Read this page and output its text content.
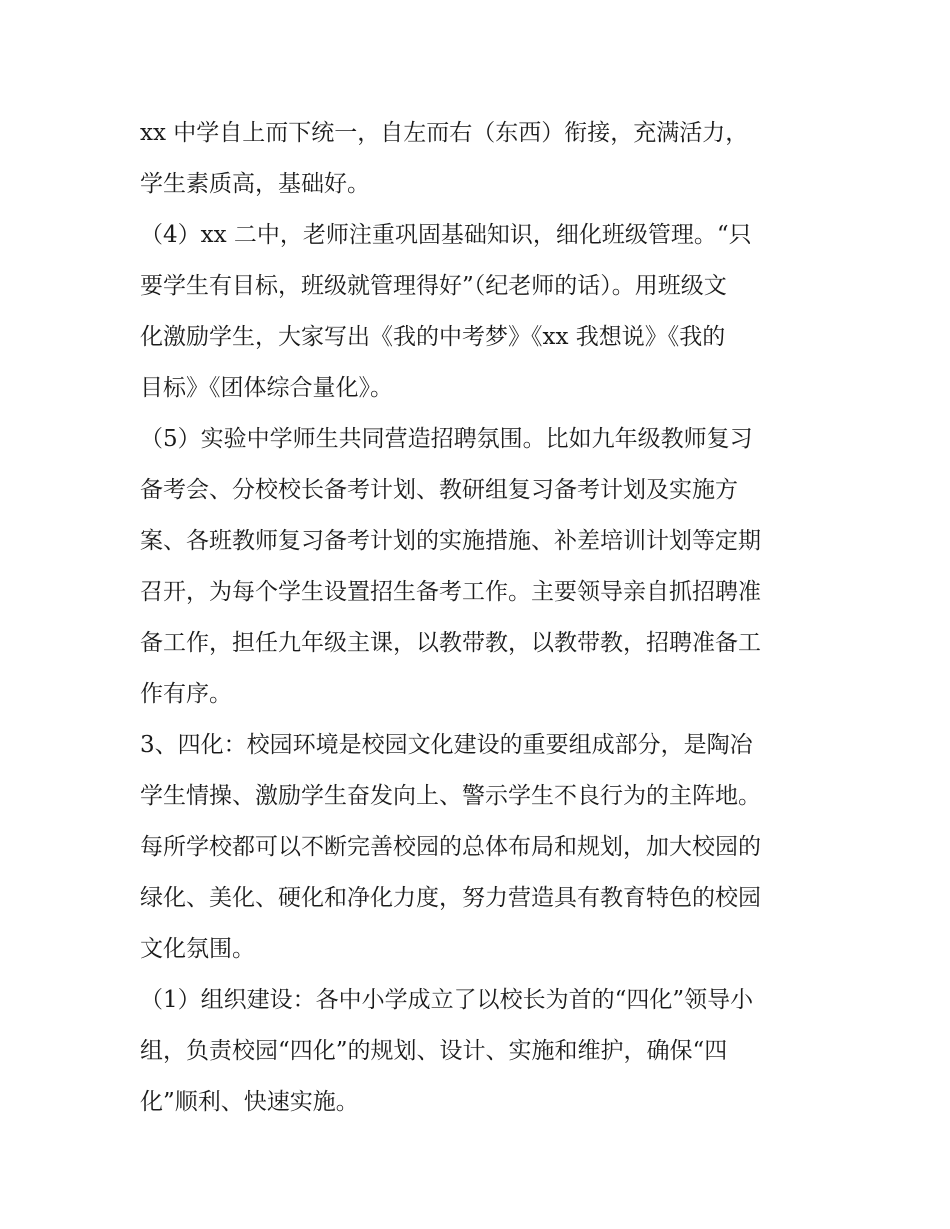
xx 中学自上而下统一，自左而右（东西）衔接，充满活力，
学生素质高，基础好。
（4）xx 二中，老师注重巩固基础知识，细化班级管理。“只
要学生有目标，班级就管理得好”（纪老师的话）。用班级文
化激励学生，大家写出《我的中考梦》《xx 我想说》《我的
目标》《团体综合量化》。
（5）实验中学师生共同营造招聘氛围。比如九年级教师复习
备考会、分校校长备考计划、教研组复习备考计划及实施方
案、各班教师复习备考计划的实施措施、补差培训计划等定期
召开，为每个学生设置招生备考工作。主要领导亲自抓招聘准
备工作，担任九年级主课，以教带教，以教带教，招聘准备工
作有序。
3、四化：校园环境是校园文化建设的重要组成部分，是陶冶
学生情操、激励学生奋发向上、警示学生不良行为的主阵地。
每所学校都可以不断完善校园的总体布局和规划，加大校园的
绿化、美化、硬化和净化力度，努力营造具有教育特色的校园
文化氛围。
（1）组织建设：各中小学成立了以校长为首的“四化”领导小
组，负责校园“四化”的规划、设计、实施和维护，确保“四
化”顺利、快速实施。
